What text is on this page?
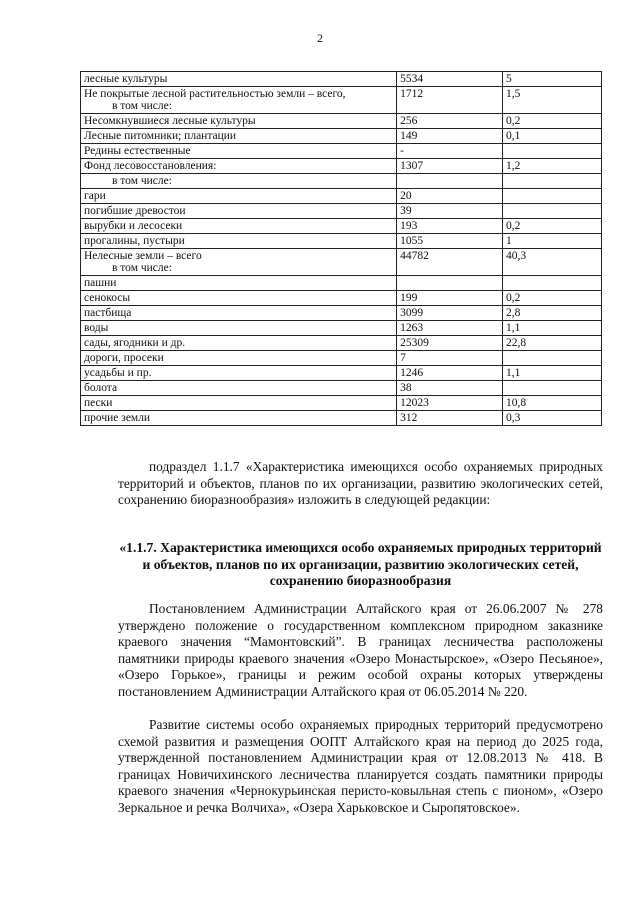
2
лесные культуры	5534	5
Не покрытые лесной растительностью земли – всего,
в том числе:	1712	1,5
Несомкнувшиеся лесные культуры	256	0,2
Лесные питомники; плантации	149	0,1
Редины естественные	-	
Фонд лесовосстановления:	1307	1,2
в том числе:		
гари	20	
погибшие древостои	39	
вырубки и лесосеки	193	0,2
прогалины, пустыри	1055	1
Нелесные земли – всего
в том числе:	44782	40,3
пашни		
сенокосы	199	0,2
пастбища	3099	2,8
воды	1263	1,1
сады, ягодники и др.	25309	22,8
дороги, просеки	7	
усадьбы и пр.	1246	1,1
болота	38	
пески	12023	10,8
прочие земли	312	0,3

подраздел 1.1.7 «Характеристика имеющихся особо охраняемых природных территорий и объектов, планов по их организации, развитию экологических сетей, сохранению биоразнообразия» изложить в следующей редакции:

«1.1.7. Характеристика имеющихся особо охраняемых природных территорий и объектов, планов по их организации, развитию экологических сетей, сохранению биоразнообразия

Постановлением Администрации Алтайского края от 26.06.2007 № 278 утверждено положение о государственном комплексном природном заказнике краевого значения “Мамонтовский”. В границах лесничества расположены памятники природы краевого значения «Озеро Монастырское», «Озеро Песьяное», «Озеро Горькое», границы и режим особой охраны которых утверждены постановлением Администрации Алтайского края от 06.05.2014 № 220.

Развитие системы особо охраняемых природных территорий предусмотрено схемой развития и размещения ООПТ Алтайского края на период до 2025 года, утвержденной постановлением Администрации края от 12.08.2013 № 418. В границах Новичихинского лесничества планируется создать памятники природы краевого значения «Чернокурьинская перисто-ковыльная степь с пионом», «Озеро Зеркальное и речка Волчиха», «Озера Харьковское и Сыропятовское».
